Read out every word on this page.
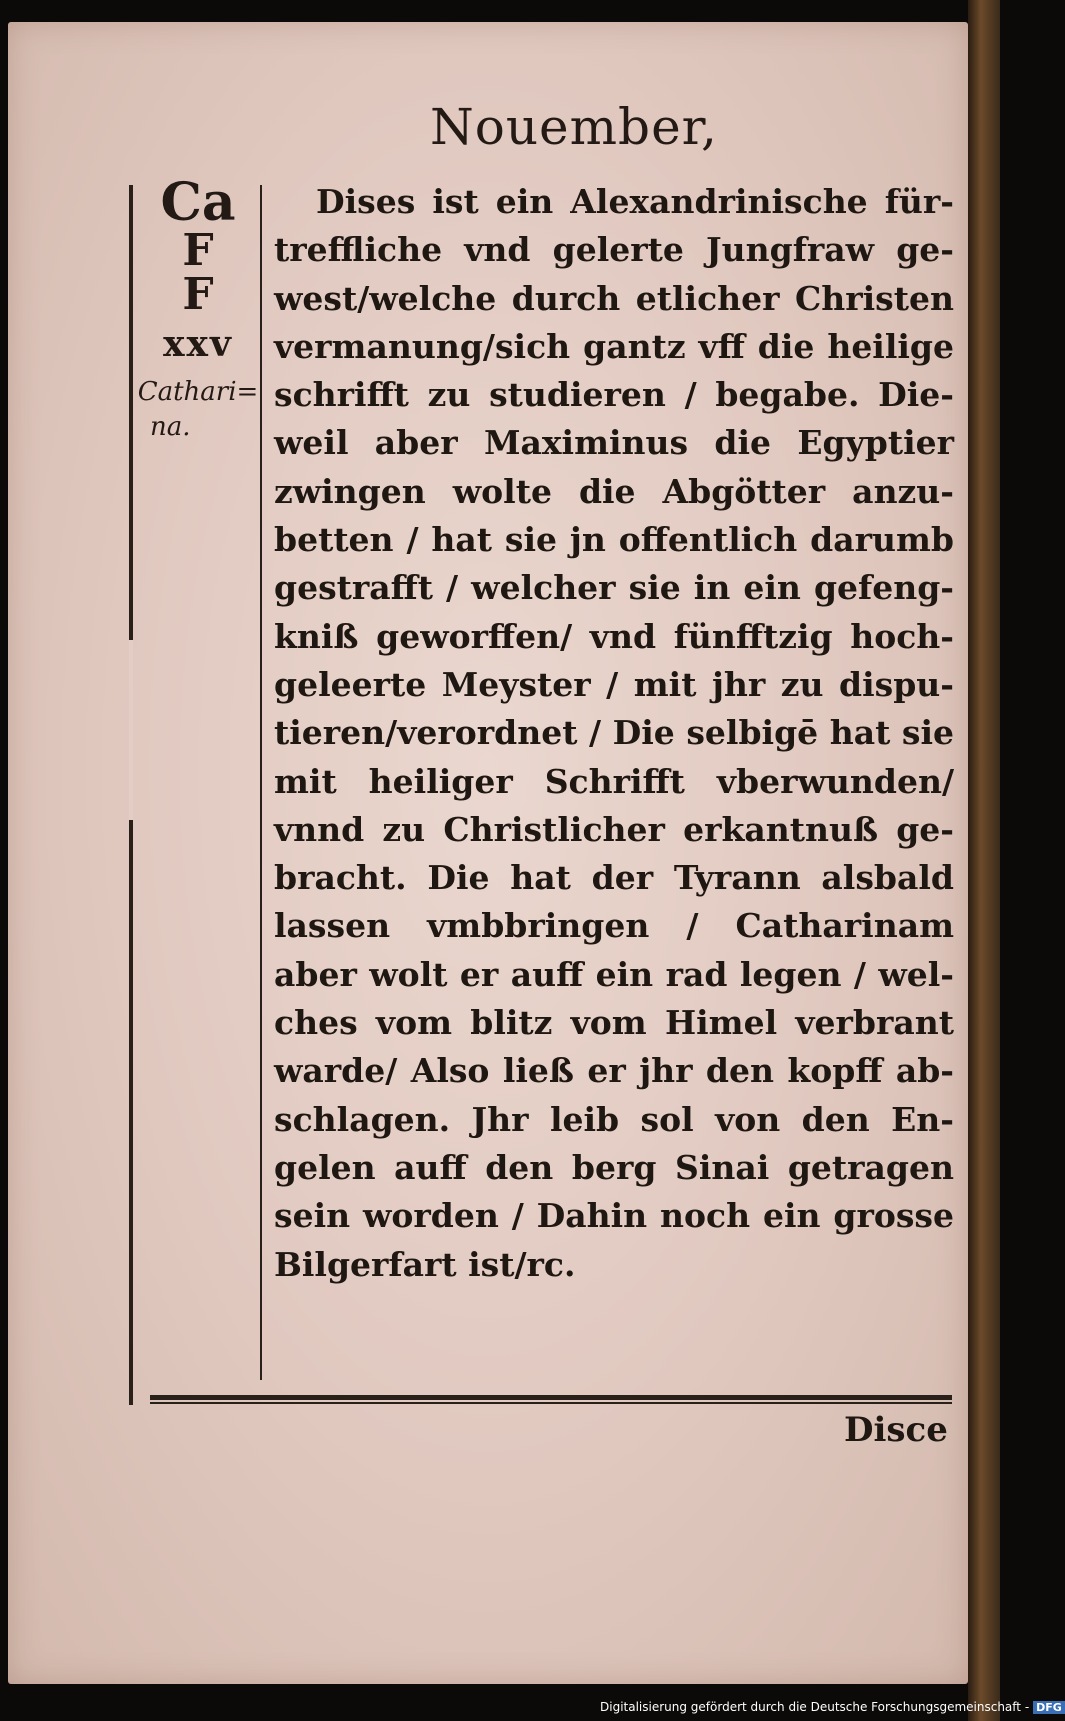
Nouember,
Ca
F
F
xxv
Cathari=
na.
Dises ist ein Alexandrinische für-
treffliche vnd gelerte Jungfraw ge-
west/welche durch etlicher Christen
vermanung/sich gantz vff die heilige
schrifft zu studieren / begabe. Die-
weil aber Maximinus die Egyptier
zwingen wolte die Abgötter anzu-
betten / hat sie jn offentlich darumb
gestrafft / welcher sie in ein gefeng-
kniß geworffen/ vnd fünfftzig hoch-
geleerte Meyster / mit jhr zu dispu-
tieren/verordnet / Die selbigē hat sie
mit heiliger Schrifft vberwunden/
vnnd zu Christlicher erkantnuß ge-
bracht. Die hat der Tyrann alsbald
lassen vmbbringen / Catharinam
aber wolt er auff ein rad legen / wel-
ches vom blitz vom Himel verbrant
warde/ Also ließ er jhr den kopff ab-
schlagen. Jhr leib sol von den En-
gelen auff den berg Sinai getragen
sein worden / Dahin noch ein grosse
Bilgerfart ist/rc.
Disce
Digitalisierung gefördert durch die Deutsche Forschungsgemeinschaft - DFG
